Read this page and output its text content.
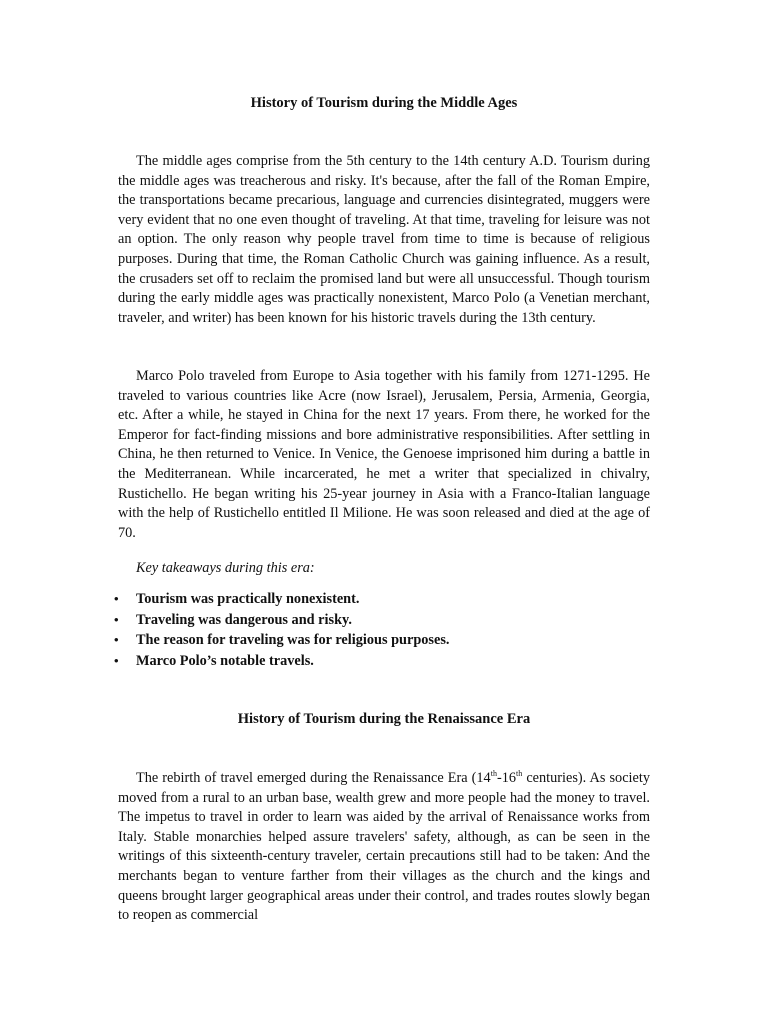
History of Tourism during the Middle Ages

The middle ages comprise from the 5th century to the 14th century A.D. Tourism during the middle ages was treacherous and risky. It's because, after the fall of the Roman Empire, the transportations became precarious, language and currencies disintegrated, muggers were very evident that no one even thought of traveling. At that time, traveling for leisure was not an option. The only reason why people travel from time to time is because of religious purposes. During that time, the Roman Catholic Church was gaining influence. As a result, the crusaders set off to reclaim the promised land but were all unsuccessful. Though tourism during the early middle ages was practically nonexistent, Marco Polo (a Venetian merchant, traveler, and writer) has been known for his historic travels during the 13th century.

Marco Polo traveled from Europe to Asia together with his family from 1271-1295. He traveled to various countries like Acre (now Israel), Jerusalem, Persia, Armenia, Georgia, etc. After a while, he stayed in China for the next 17 years. From there, he worked for the Emperor for fact-finding missions and bore administrative responsibilities. After settling in China, he then returned to Venice. In Venice, the Genoese imprisoned him during a battle in the Mediterranean. While incarcerated, he met a writer that specialized in chivalry, Rustichello. He began writing his 25-year journey in Asia with a Franco-Italian language with the help of Rustichello entitled Il Milione. He was soon released and died at the age of 70.

Key takeaways during this era:

• Tourism was practically nonexistent.
• Traveling was dangerous and risky.
• The reason for traveling was for religious purposes.
• Marco Polo’s notable travels.
History of Tourism during the Renaissance Era

The rebirth of travel emerged during the Renaissance Era (14th-16th centuries). As society moved from a rural to an urban base, wealth grew and more people had the money to travel. The impetus to travel in order to learn was aided by the arrival of Renaissance works from Italy. Stable monarchies helped assure travelers' safety, although, as can be seen in the writings of this sixteenth-century traveler, certain precautions still had to be taken: And the merchants began to venture farther from their villages as the church and the kings and queens brought larger geographical areas under their control, and trades routes slowly began to reopen as commercial
